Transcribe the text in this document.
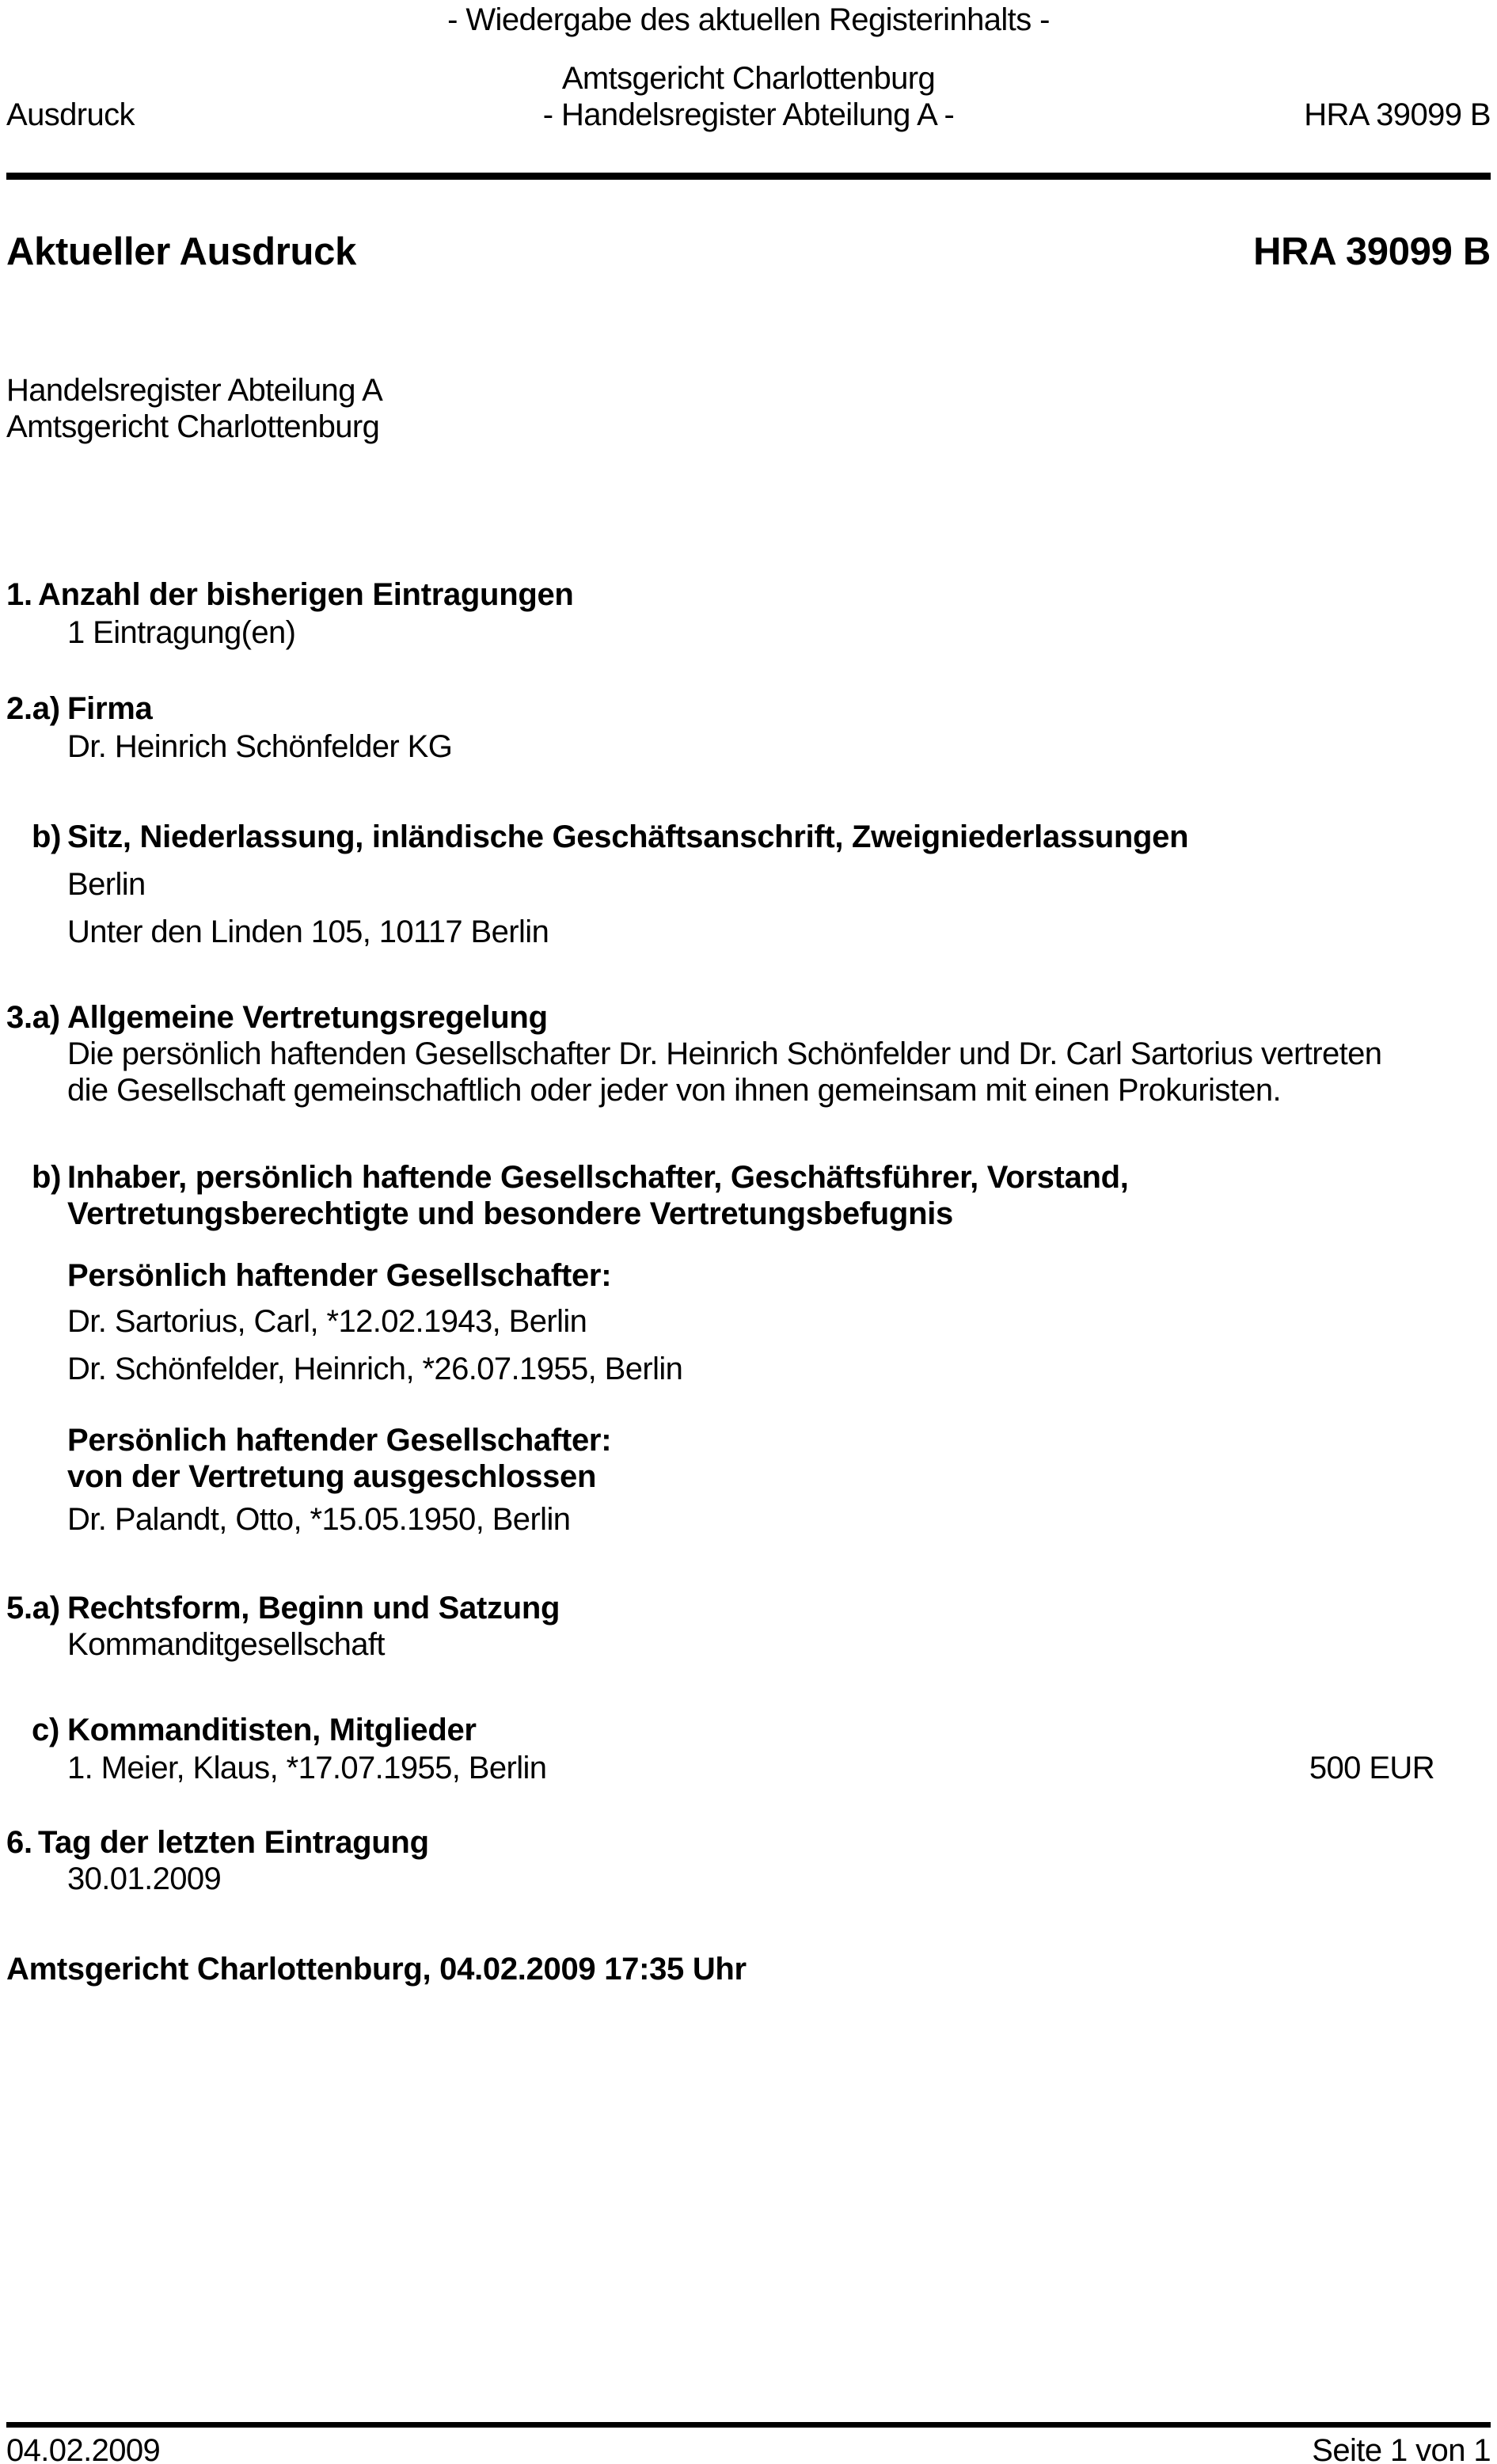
- Wiedergabe des aktuellen Registerinhalts -
Amtsgericht Charlottenburg
Ausdruck	- Handelsregister Abteilung A -	HRA 39099 B
Aktueller Ausdruck	HRA 39099 B
Handelsregister Abteilung A
Amtsgericht Charlottenburg
1. Anzahl der bisherigen Eintragungen
1 Eintragung(en)
2.a) Firma
Dr. Heinrich Schönfelder KG
b) Sitz, Niederlassung, inländische Geschäftsanschrift, Zweigniederlassungen
Berlin
Unter den Linden 105, 10117 Berlin
3.a) Allgemeine Vertretungsregelung
Die persönlich haftenden Gesellschafter Dr. Heinrich Schönfelder und Dr. Carl Sartorius vertreten
die Gesellschaft gemeinschaftlich oder jeder von ihnen gemeinsam mit einen Prokuristen.
b) Inhaber, persönlich haftende Gesellschafter, Geschäftsführer, Vorstand,
Vertretungsberechtigte und besondere Vertretungsbefugnis
Persönlich haftender Gesellschafter:
Dr. Sartorius, Carl, *12.02.1943, Berlin
Dr. Schönfelder, Heinrich, *26.07.1955, Berlin
Persönlich haftender Gesellschafter:
von der Vertretung ausgeschlossen
Dr. Palandt, Otto, *15.05.1950, Berlin
5.a) Rechtsform, Beginn und Satzung
Kommanditgesellschaft
c) Kommanditisten, Mitglieder
1. Meier, Klaus, *17.07.1955, Berlin	500 EUR
6. Tag der letzten Eintragung
30.01.2009
Amtsgericht Charlottenburg, 04.02.2009 17:35 Uhr
04.02.2009	Seite 1 von 1
